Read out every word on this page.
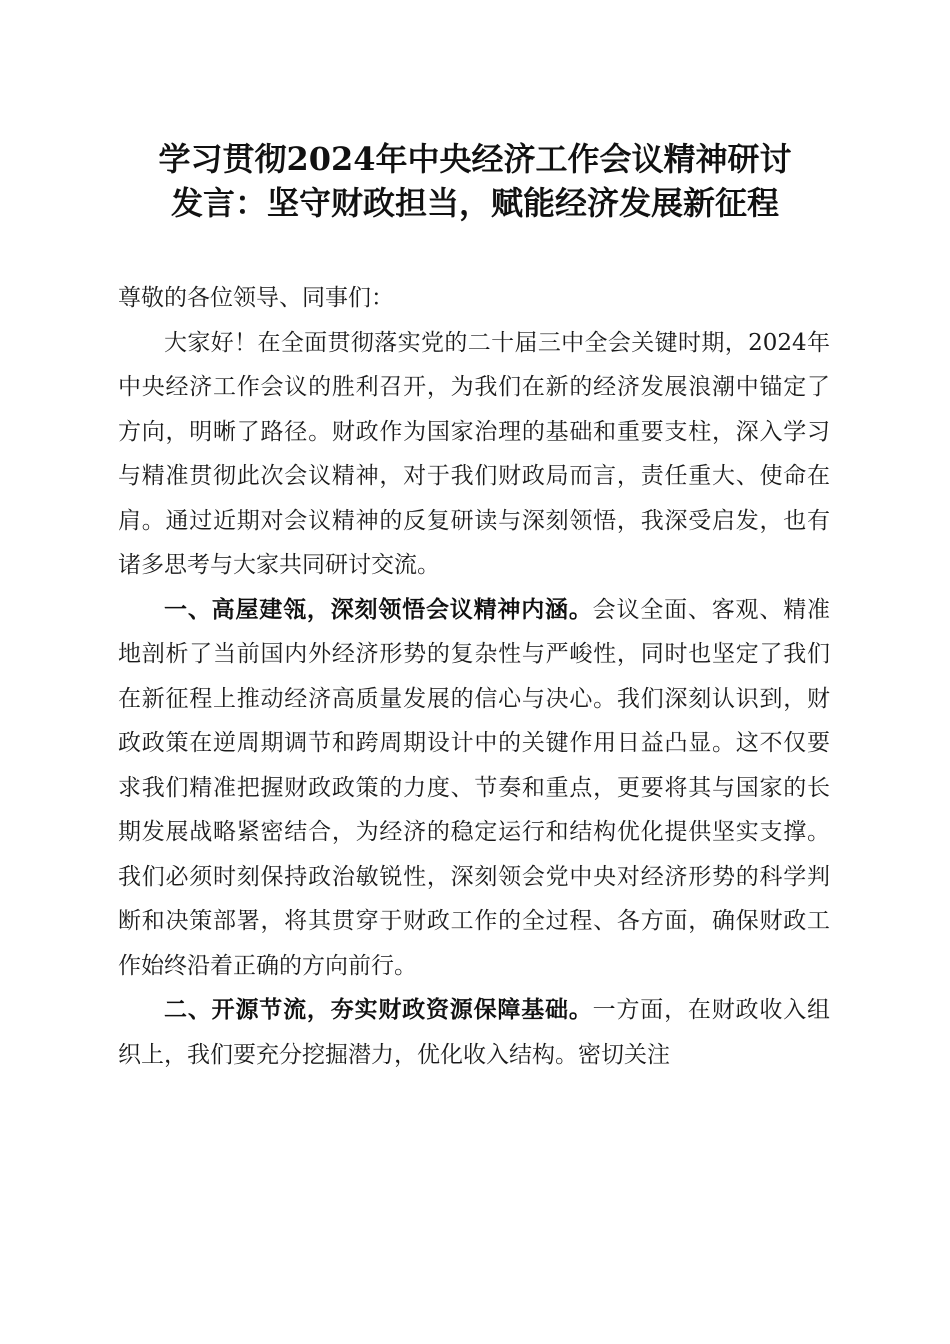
学习贯彻2024年中央经济工作会议精神研讨
发言：坚守财政担当，赋能经济发展新征程

尊敬的各位领导、同事们：

大家好！在全面贯彻落实党的二十届三中全会关键时期，2024年中央经济工作会议的胜利召开，为我们在新的经济发展浪潮中锚定了方向，明晰了路径。财政作为国家治理的基础和重要支柱，深入学习与精准贯彻此次会议精神，对于我们财政局而言，责任重大、使命在肩。通过近期对会议精神的反复研读与深刻领悟，我深受启发，也有诸多思考与大家共同研讨交流。

一、高屋建瓴，深刻领悟会议精神内涵。会议全面、客观、精准地剖析了当前国内外经济形势的复杂性与严峻性，同时也坚定了我们在新征程上推动经济高质量发展的信心与决心。我们深刻认识到，财政政策在逆周期调节和跨周期设计中的关键作用日益凸显。这不仅要求我们精准把握财政政策的力度、节奏和重点，更要将其与国家的长期发展战略紧密结合，为经济的稳定运行和结构优化提供坚实支撑。我们必须时刻保持政治敏锐性，深刻领会党中央对经济形势的科学判断和决策部署，将其贯穿于财政工作的全过程、各方面，确保财政工作始终沿着正确的方向前行。

二、开源节流，夯实财政资源保障基础。一方面，在财政收入组织上，我们要充分挖掘潜力，优化收入结构。密切关注
